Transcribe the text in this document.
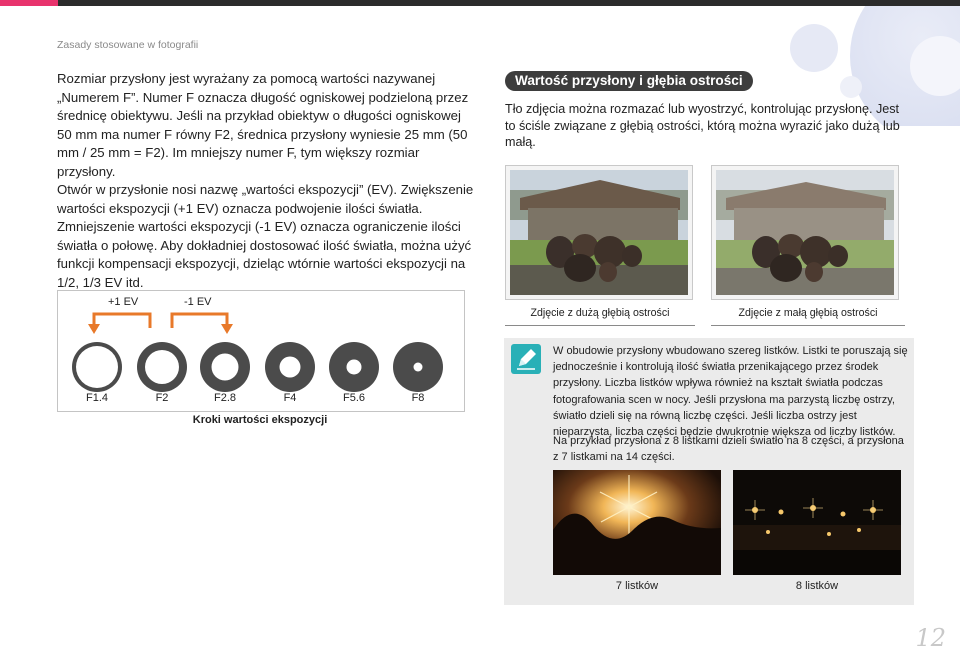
Zasady stosowane w fotografii

Rozmiar przysłony jest wyrażany za pomocą wartości nazywanej „Numerem F”. Numer F oznacza długość ogniskowej podzieloną przez średnicę obiektywu. Jeśli na przykład obiektyw o długości ogniskowej 50 mm ma numer F równy F2, średnica przysłony wyniesie 25 mm (50 mm / 25 mm = F2). Im mniejszy numer F, tym większy rozmiar przysłony.

Otwór w przysłonie nosi nazwę „wartości ekspozycji” (EV). Zwiększenie wartości ekspozycji (+1 EV) oznacza podwojenie ilości światła. Zmniejszenie wartości ekspozycji (-1 EV) oznacza ograniczenie ilości światła o połowę. Aby dokładniej dostosować ilość światła, można użyć funkcji kompensacji ekspozycji, dzieląc wtórnie wartości ekspozycji na 1/2, 1/3 EV itd.

+1 EV	-1 EV
F1.4	F2	F2.8	F4	F5.6	F8
Kroki wartości ekspozycji
Wartość przysłony i głębia ostrości

Tło zdjęcia można rozmazać lub wyostrzyć, kontrolując przysłonę. Jest to ściśle związane z głębią ostrości, którą można wyrazić jako dużą lub małą.

Zdjęcie z dużą głębią ostrości	Zdjęcie z małą głębią ostrości

W obudowie przysłony wbudowano szereg listków. Listki te poruszają się jednocześnie i kontrolują ilość światła przenikającego przez środek przysłony. Liczba listków wpływa również na kształt światła podczas fotografowania scen w nocy. Jeśli przysłona ma parzystą liczbę ostrzy, światło dzieli się na równą liczbę części. Jeśli liczba ostrzy jest nieparzysta, liczba części będzie dwukrotnie większa od liczby listków.

Na przykład przysłona z 8 listkami dzieli światło na 8 części, a przysłona z 7 listkami na 14 części.

7 listków	8 listków
12
